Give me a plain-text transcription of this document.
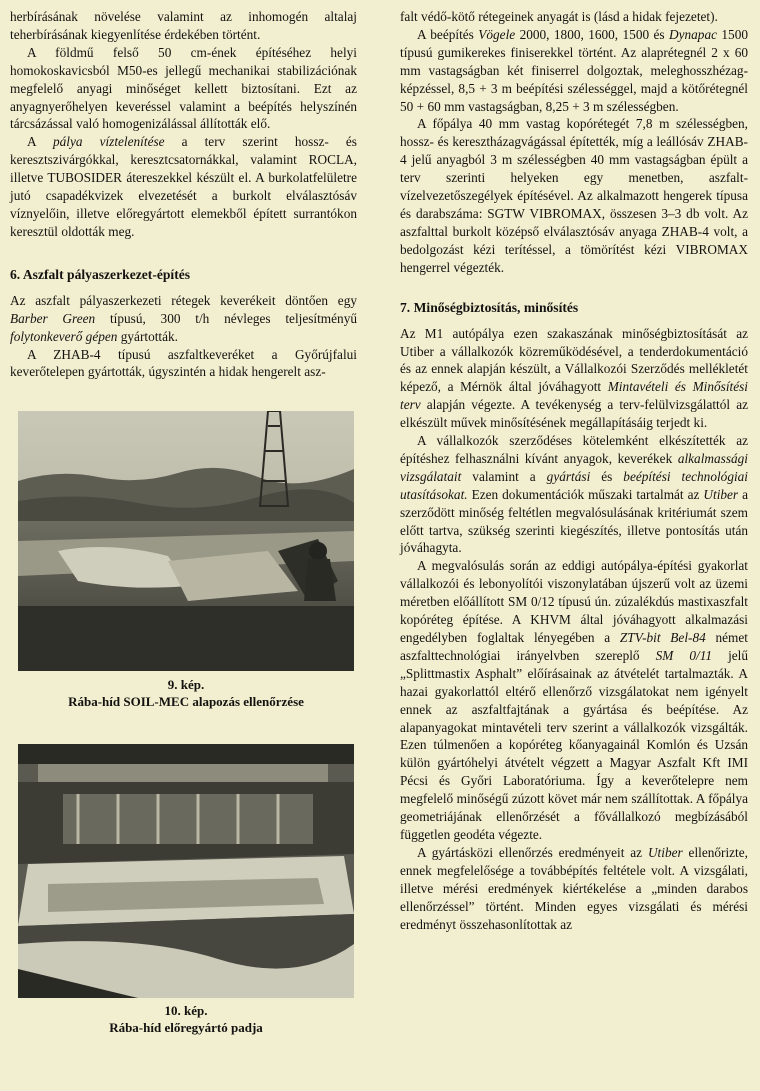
herbírásának növelése valamint az inhomogén altalaj teherbírásának kiegyenlítése érdekében történt.

A földmű felső 50 cm-ének építéséhez helyi homokoskavicsból M50-es jellegű mechanikai stabilizációnak megfelelő anyagi minőséget kellett biztosítani. Ezt az anyagnyerőhelyen keveréssel valamint a beépítés helyszínén tárcsázással való homogenizálással állították elő.

A pálya víztelenítése a terv szerint hossz- és keresztszivárgókkal, keresztcsatornákkal, valamint ROCLA, illetve TUBOSIDER átereszekkel készült el. A burkolatfelületre jutó csapadékvizek elvezetését a burkolt elválasztósáv víznyelőin, illetve előregyártott elemekből épített surrantókon keresztül oldották meg.

6. Aszfalt pályaszerkezet-építés

Az aszfalt pályaszerkezeti rétegek keverékeit döntően egy Barber Green típusú, 300 t/h névleges teljesítményű folytonkeverő gépen gyártották.

A ZHAB-4 típusú aszfaltkeveréket a Győrújfalui keverőtelepen gyártották, úgyszintén a hidak hengerelt asz-

9. kép.
Rába-híd SOIL-MEC alapozás ellenőrzése
10. kép.
Rába-híd előregyártó padja

falt védő-kötő rétegeinek anyagát is (lásd a hidak fejezetet).

A beépítés Vögele 2000, 1800, 1600, 1500 és Dynapac 1500 típusú gumikerekes finiserekkel történt. Az alaprétegnél 2 x 60 mm vastagságban két finiserrel dolgoztak, meleghosszhézag-képzéssel, 8,5 + 3 m beépítési szélességgel, majd a kötőrétegnél 50 + 60 mm vastagságban, 8,25 + 3 m szélességben.

A főpálya 40 mm vastag kopórétegét 7,8 m szélességben, hossz- és keresztházagvágással építették, míg a leállósáv ZHAB-4 jelű anyagból 3 m szélességben 40 mm vastagságban épült a terv szerinti helyeken egy menetben, aszfalt-vízelvezetőszegélyek építésével. Az alkalmazott hengerek típusa és darabszáma: SGTW VIBROMAX, összesen 3–3 db volt. Az aszfalttal burkolt középső elválasztósáv anyaga ZHAB-4 volt, a bedolgozást kézi terítéssel, a tömörítést kézi VIBROMAX hengerrel végezték.

7. Minőségbiztosítás, minősítés

Az M1 autópálya ezen szakaszának minőségbiztosítását az Utiber a vállalkozók közreműködésével, a tenderdokumentáció és az ennek alapján készült, a Vállalkozói Szerződés mellékletét képező, a Mérnök által jóváhagyott Mintavételi és Minősítési terv alapján végezte. A tevékenység a terv-felülvizsgálattól az elkészült művek minősítésének megállapításáig terjedt ki.

A vállalkozók szerződéses kötelemként elkészítették az építéshez felhasználni kívánt anyagok, keverékek alkalmassági vizsgálatait valamint a gyártási és beépítési technológiai utasításokat. Ezen dokumentációk műszaki tartalmát az Utiber a szerződött minőség feltétlen megvalósulásának kritériumát szem előtt tartva, szükség szerinti kiegészítés, illetve pontosítás után jóváhagyta.

A megvalósulás során az eddigi autópálya-építési gyakorlat vállalkozói és lebonyolítói viszonylatában újszerű volt az üzemi méretben előállított SM 0/12 típusú ún. zúzalékdús mastixaszfalt kopóréteg építése. A KHVM által jóváhagyott alkalmazási engedélyben foglaltak lényegében a ZTV-bit Bel-84 német aszfalttechnológiai irányelvben szereplő SM 0/11 jelű „Splittmastix Asphalt” előírásainak az átvételét tartalmazták. A hazai gyakorlattól eltérő ellenőrző vizsgálatokat nem igényelt ennek az aszfaltfajtának a gyártása és beépítése. Az alapanyagokat mintavételi terv szerint a vállalkozók vizsgálták. Ezen túlmenően a kopóréteg kőanyagainál Komlón és Uzsán külön gyártóhelyi átvételt végzett a Magyar Aszfalt Kft IMI Pécsi és Győri Laboratóriuma. Így a keverőtelepre nem megfelelő minőségű zúzott követ már nem szállítottak. A főpálya geometriájának ellenőrzését a fővállalkozó megbízásából független geodéta végezte.

A gyártásközi ellenőrzés eredményeit az Utiber ellenőrizte, ennek megfelelősége a továbbépítés feltétele volt. A vizsgálati, illetve mérési eredmények kiértékelése a „minden darabos ellenőrzéssel” történt. Minden egyes vizsgálati és mérési eredményt összehasonlítottak az
